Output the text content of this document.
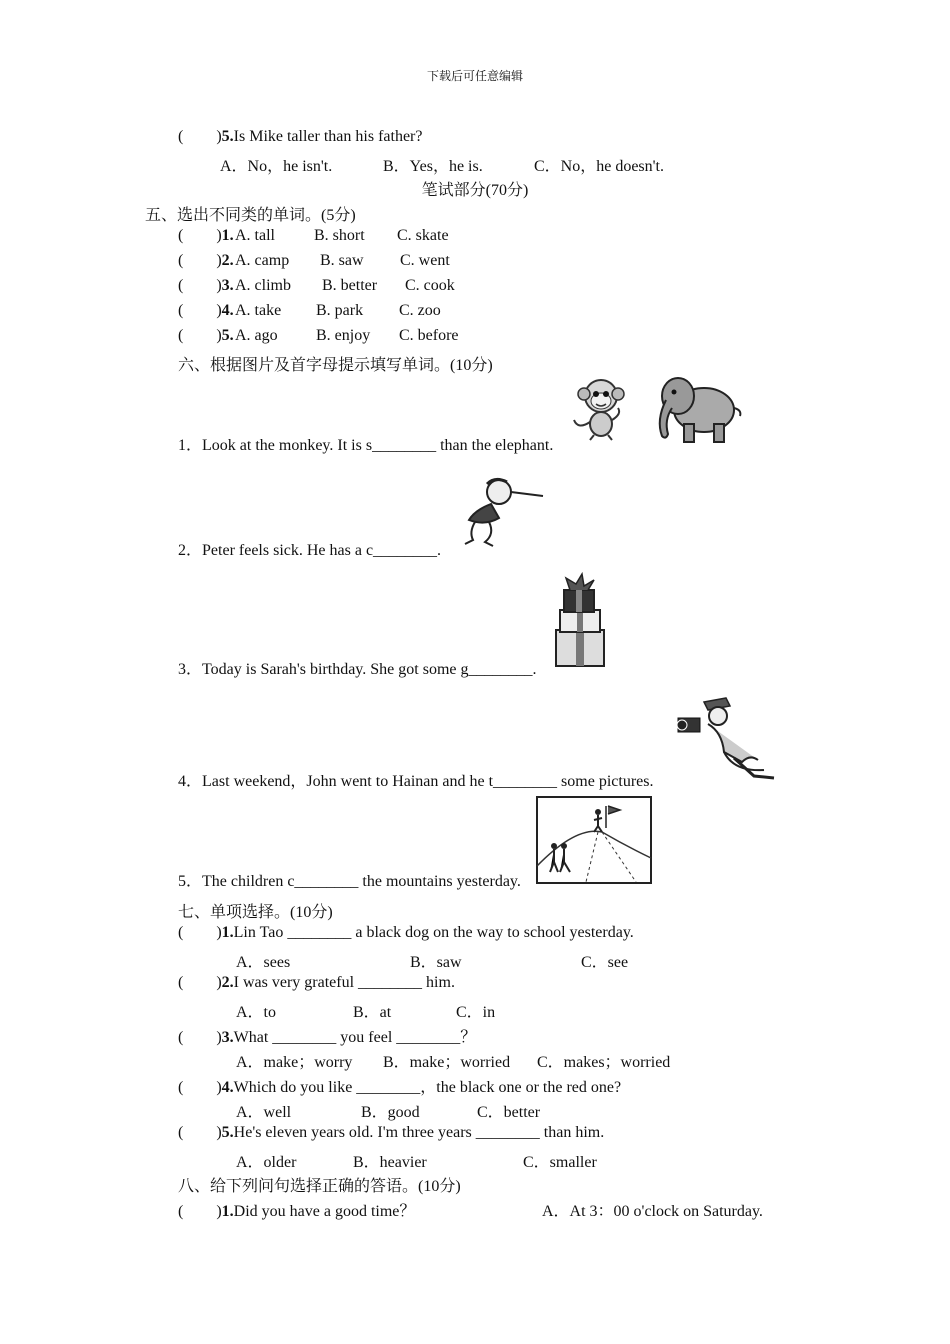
下载后可任意编辑
( )5.Is Mike taller than his father?
A．No，he isn't.	B．Yes，he is.	C．No，he doesn't.
笔试部分(70分)
五、选出不同类的单词。(5分)
( )1. A. tall B. short C. skate
( )2. A. camp B. saw C. went
( )3. A. climb B. better C. cook
( )4. A. take B. park C. zoo
( )5. A. ago B. enjoy C. before
六、根据图片及首字母提示填写单词。(10分)
1．Look at the monkey. It is s________ than the elephant.
2．Peter feels sick. He has a c________.
3．Today is Sarah's birthday. She got some g________.
4．Last weekend，John went to Hainan and he t________ some pictures.
5．The children c________ the mountains yesterday.
七、单项选择。(10分)
( )1.Lin Tao ________ a black dog on the way to school yesterday.
A．sees	B．saw	C．see
( )2.I was very grateful ________ him.
A．to	B．at	C．in
( )3.What ________ you feel ________？
A．make；worry B．make；worried C．makes；worried
( )4.Which do you like ________，the black one or the red one?
A．well	B．good	C．better
( )5.He's eleven years old. I'm three years ________ than him.
A．older	B．heavier	C．smaller
八、给下列问句选择正确的答语。(10分)
( )1.Did you have a good time？	A．At 3：00 o'clock on Saturday.
